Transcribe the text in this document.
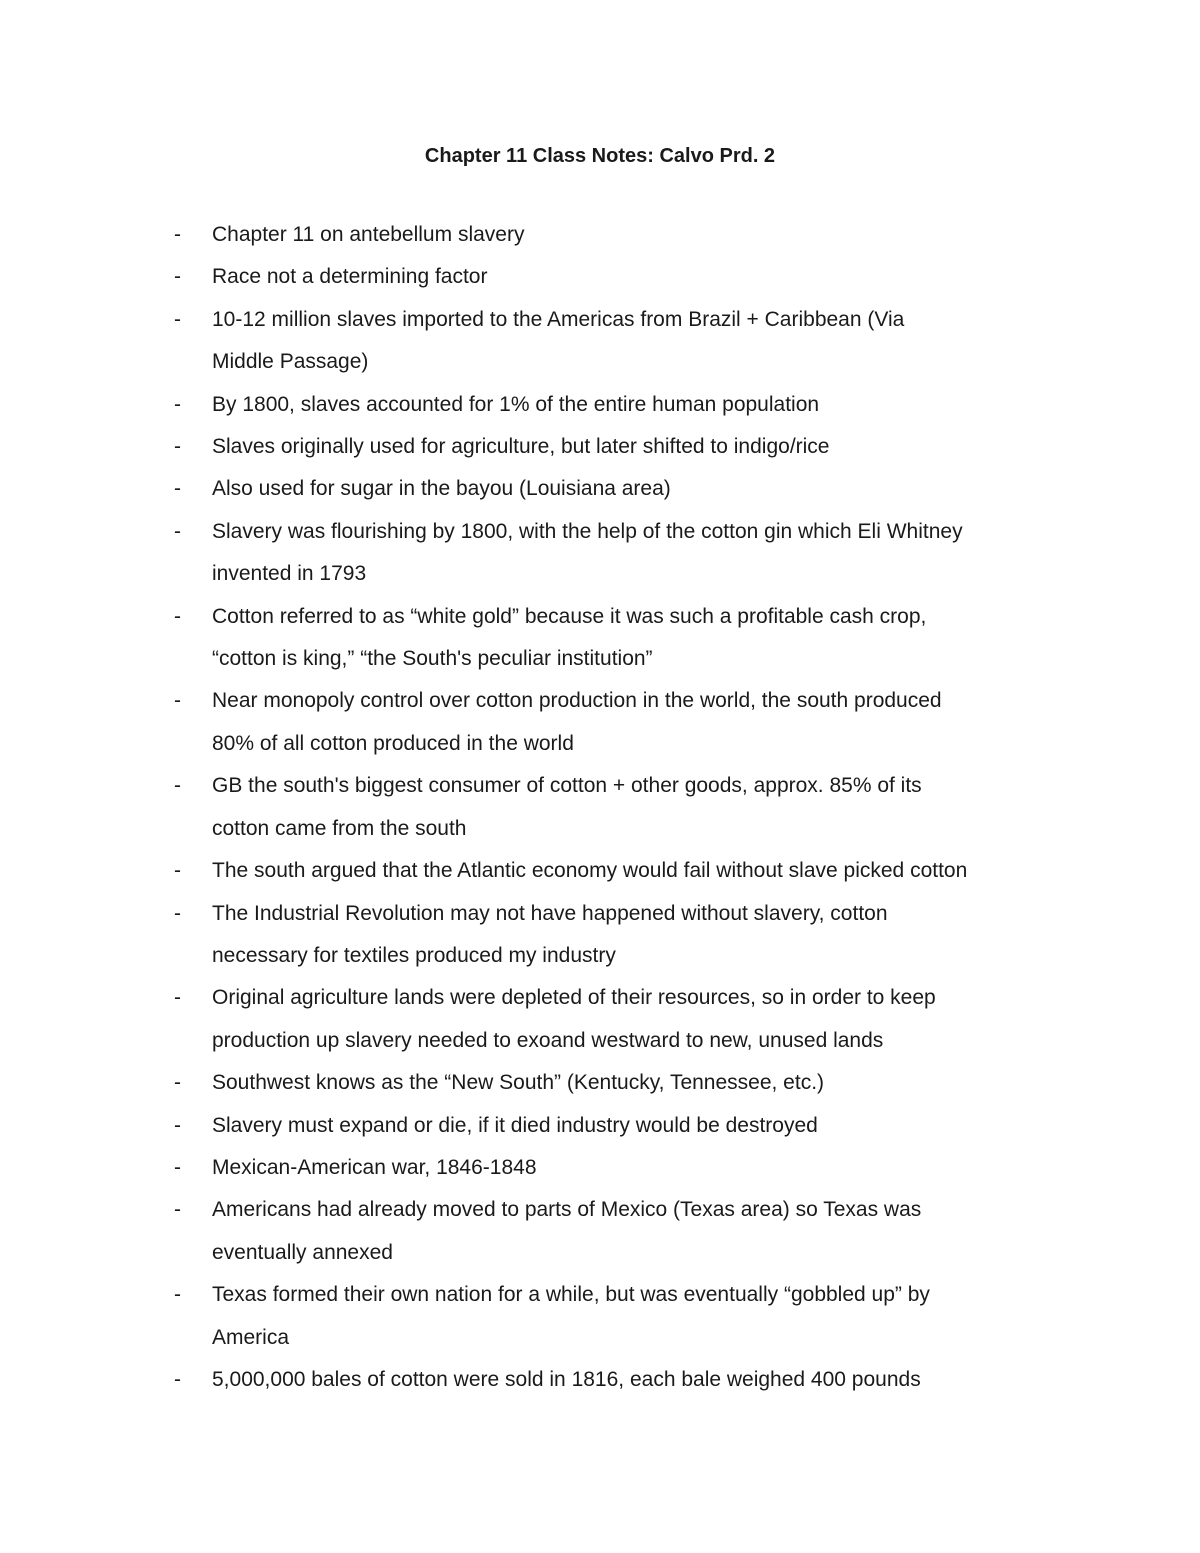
Chapter 11 Class Notes: Calvo Prd. 2
- Chapter 11 on antebellum slavery
- Race not a determining factor
- 10-12 million slaves imported to the Americas from Brazil + Caribbean (Via
Middle Passage)
- By 1800, slaves accounted for 1% of the entire human population
- Slaves originally used for agriculture, but later shifted to indigo/rice
- Also used for sugar in the bayou (Louisiana area)
- Slavery was flourishing by 1800, with the help of the cotton gin which Eli Whitney
invented in 1793
- Cotton referred to as “white gold” because it was such a profitable cash crop,
“cotton is king,” “the South's peculiar institution”
- Near monopoly control over cotton production in the world, the south produced
80% of all cotton produced in the world
- GB the south's biggest consumer of cotton + other goods, approx. 85% of its
cotton came from the south
- The south argued that the Atlantic economy would fail without slave picked cotton
- The Industrial Revolution may not have happened without slavery, cotton
necessary for textiles produced my industry
- Original agriculture lands were depleted of their resources, so in order to keep
production up slavery needed to exoand westward to new, unused lands
- Southwest knows as the “New South” (Kentucky, Tennessee, etc.)
- Slavery must expand or die, if it died industry would be destroyed
- Mexican-American war, 1846-1848
- Americans had already moved to parts of Mexico (Texas area) so Texas was
eventually annexed
- Texas formed their own nation for a while, but was eventually “gobbled up” by
America
- 5,000,000 bales of cotton were sold in 1816, each bale weighed 400 pounds
